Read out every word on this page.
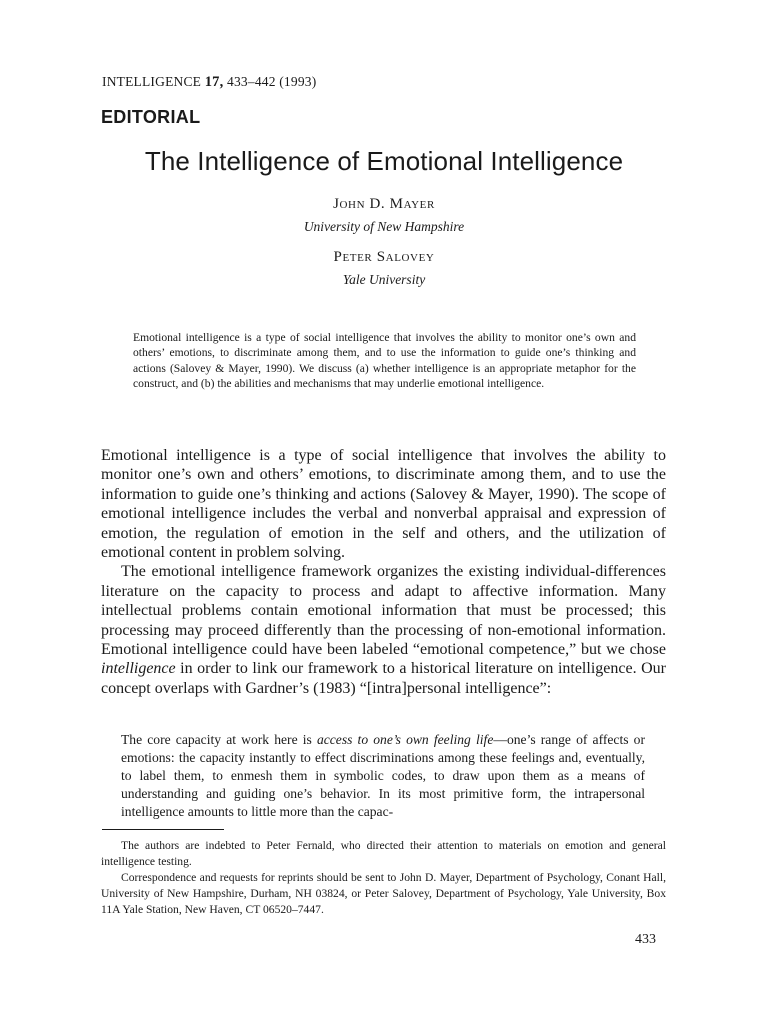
INTELLIGENCE 17, 433–442 (1993)
EDITORIAL
The Intelligence of Emotional Intelligence
John D. Mayer
University of New Hampshire
Peter Salovey
Yale University

Emotional intelligence is a type of social intelligence that involves the ability to monitor one’s own and others’ emotions, to discriminate among them, and to use the information to guide one’s thinking and actions (Salovey & Mayer, 1990). We discuss (a) whether intelligence is an appropriate metaphor for the construct, and (b) the abilities and mechanisms that may underlie emotional intelligence.

Emotional intelligence is a type of social intelligence that involves the ability to monitor one’s own and others’ emotions, to discriminate among them, and to use the information to guide one’s thinking and actions (Salovey & Mayer, 1990). The scope of emotional intelligence includes the verbal and nonverbal appraisal and expression of emotion, the regulation of emotion in the self and others, and the utilization of emotional content in problem solving.

The emotional intelligence framework organizes the existing individual-differences literature on the capacity to process and adapt to affective information. Many intellectual problems contain emotional information that must be processed; this processing may proceed differently than the processing of non-emotional information. Emotional intelligence could have been labeled “emotional competence,” but we chose intelligence in order to link our framework to a historical literature on intelligence. Our concept overlaps with Gardner’s (1983) “[intra]personal intelligence”:

The core capacity at work here is access to one’s own feeling life—one’s range of affects or emotions: the capacity instantly to effect discriminations among these feelings and, eventually, to label them, to enmesh them in symbolic codes, to draw upon them as a means of understanding and guiding one’s behavior. In its most primitive form, the intrapersonal intelligence amounts to little more than the capac-

The authors are indebted to Peter Fernald, who directed their attention to materials on emotion and general intelligence testing.

Correspondence and requests for reprints should be sent to John D. Mayer, Department of Psychology, Conant Hall, University of New Hampshire, Durham, NH 03824, or Peter Salovey, Department of Psychology, Yale University, Box 11A Yale Station, New Haven, CT 06520–7447.

433
